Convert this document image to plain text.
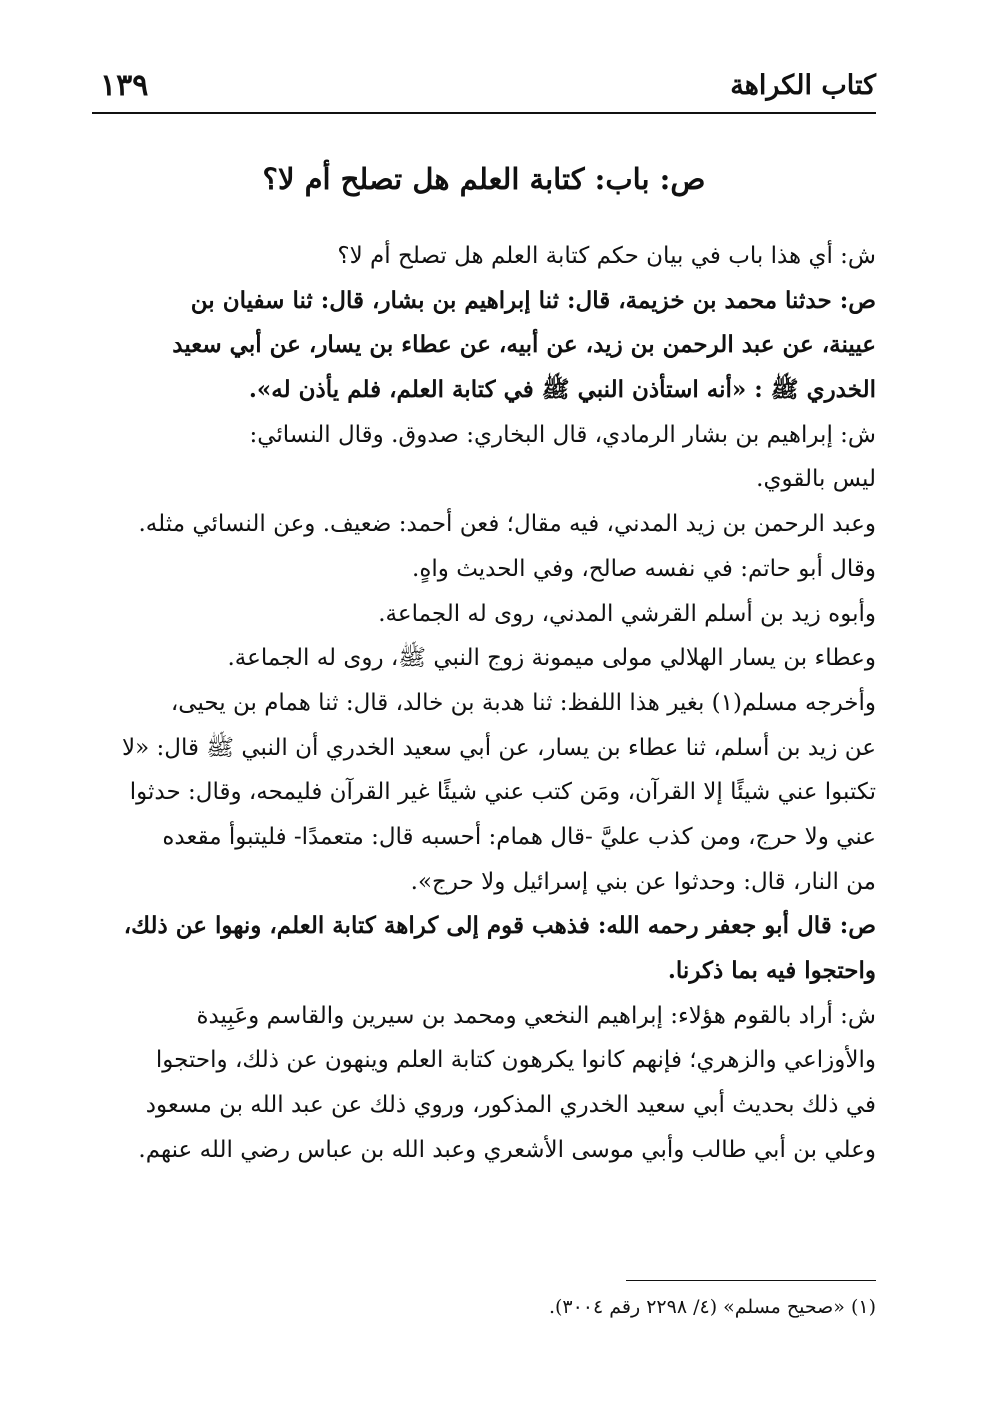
كتاب الكراهة
١٣٩
ص: باب: كتابة العلم هل تصلح أم لا؟
ش: أي هذا باب في بيان حكم كتابة العلم هل تصلح أم لا؟
ص: حدثنا محمد بن خزيمة، قال: ثنا إبراهيم بن بشار، قال: ثنا سفيان بن
عيينة، عن عبد الرحمن بن زيد، عن أبيه، عن عطاء بن يسار، عن أبي سعيد
الخدري ﷺ : «أنه استأذن النبي ﷺ في كتابة العلم، فلم يأذن له».
ش: إبراهيم بن بشار الرمادي، قال البخاري: صدوق. وقال النسائي:
ليس بالقوي.
وعبد الرحمن بن زيد المدني، فيه مقال؛ فعن أحمد: ضعيف. وعن النسائي مثله.
وقال أبو حاتم: في نفسه صالح، وفي الحديث واهٍ.
وأبوه زيد بن أسلم القرشي المدني، روى له الجماعة.
وعطاء بن يسار الهلالي مولى ميمونة زوج النبي ﷺ، روى له الجماعة.
وأخرجه مسلم(١) بغير هذا اللفظ: ثنا هدبة بن خالد، قال: ثنا همام بن يحيى،
عن زيد بن أسلم، ثنا عطاء بن يسار، عن أبي سعيد الخدري أن النبي ﷺ قال: «لا
تكتبوا عني شيئًا إلا القرآن، ومَن كتب عني شيئًا غير القرآن فليمحه، وقال: حدثوا
عني ولا حرج، ومن كذب عليَّ -قال همام: أحسبه قال: متعمدًا- فليتبوأ مقعده
من النار، قال: وحدثوا عن بني إسرائيل ولا حرج».
ص: قال أبو جعفر رحمه الله: فذهب قوم إلى كراهة كتابة العلم، ونهوا عن ذلك،
واحتجوا فيه بما ذكرنا.
ش: أراد بالقوم هؤلاء: إبراهيم النخعي ومحمد بن سيرين والقاسم وعَبِيدة
والأوزاعي والزهري؛ فإنهم كانوا يكرهون كتابة العلم وينهون عن ذلك، واحتجوا
في ذلك بحديث أبي سعيد الخدري المذكور، وروي ذلك عن عبد الله بن مسعود
وعلي بن أبي طالب وأبي موسى الأشعري وعبد الله بن عباس رضي الله عنهم.
(١) «صحيح مسلم» (٤/ ٢٢٩٨ رقم ٣٠٠٤).
